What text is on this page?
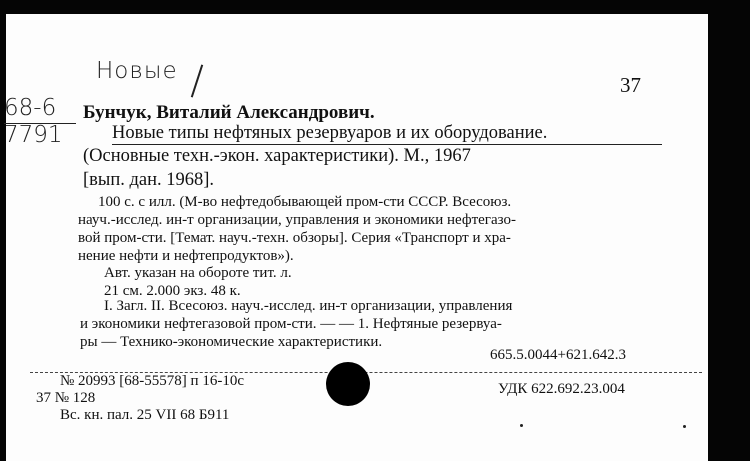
Новые
37
68-6
7791
Бунчук, Виталий Александрович.
Новые типы нефтяных резервуаров и их оборудование.
(Основные техн.-экон. характеристики). М., 1967
[вып. дан. 1968].
100 с. с илл. (М-во нефтедобывающей пром-сти СССР. Всесоюз.
науч.-исслед. ин-т организации, управления и экономики нефтегазо-
вой пром-сти. [Темат. науч.-техн. обзоры]. Серия «Транспорт и хра-
нение нефти и нефтепродуктов»).
Авт. указан на обороте тит. л.
21 см. 2.000 экз. 48 к.
I. Загл. II. Всесоюз. науч.-исслед. ин-т организации, управления
и экономики нефтегазовой пром-сти. — — 1. Нефтяные резервуа-
ры — Технико-экономические характеристики.
665.5.0044+621.642.3
№ 20993 [68-55578] п 16-10с
37 № 128
Вс. кн. пал. 25 VII 68 Б911
УДК 622.692.23.004
